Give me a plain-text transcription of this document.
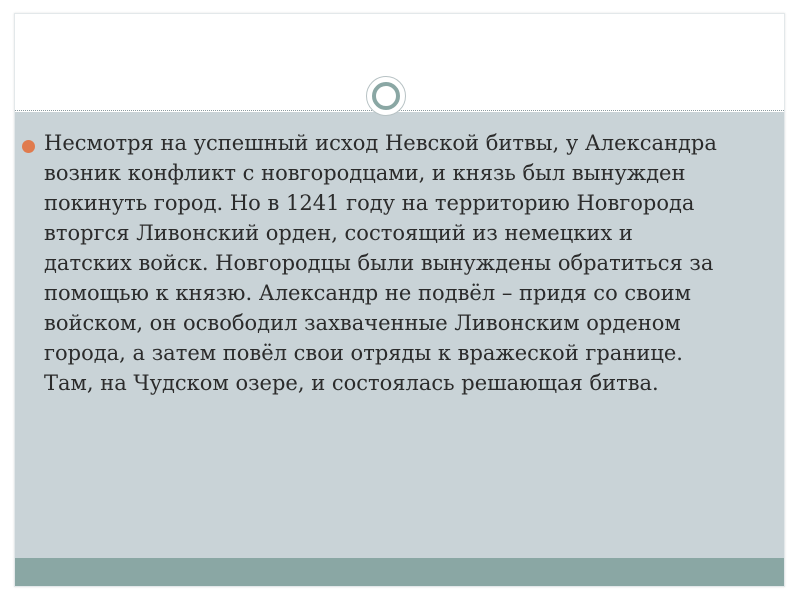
Несмотря на успешный исход Невской битвы, у Александра возник конфликт с новгородцами, и князь был вынужден покинуть город. Но в 1241 году на территорию Новгорода вторгся Ливонский орден, состоящий из немецких и датских войск. Новгородцы были вынуждены обратиться за помощью к князю. Александр не подвёл – придя со своим войском, он освободил захваченные Ливонским орденом города, а затем повёл свои отряды к вражеской границе. Там, на Чудском озере, и состоялась решающая битва.
